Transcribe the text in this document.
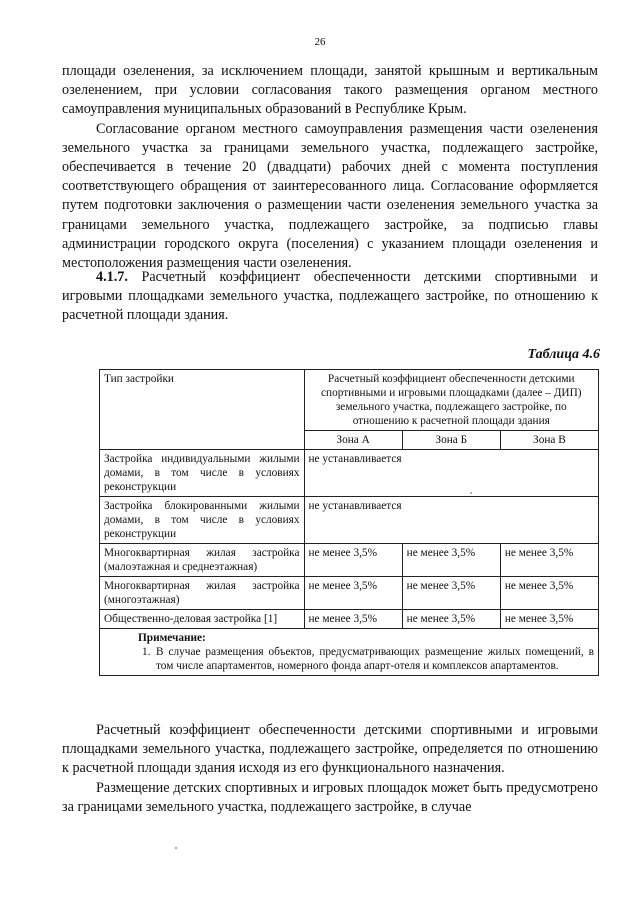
26

площади озеленения, за исключением площади, занятой крышным и вертикальным озеленением, при условии согласования такого размещения органом местного самоуправления муниципальных образований в Республике Крым.

Согласование органом местного самоуправления размещения части озеленения земельного участка за границами земельного участка, подлежащего застройке, обеспечивается в течение 20 (двадцати) рабочих дней с момента поступления соответствующего обращения от заинтересованного лица. Согласование оформляется путем подготовки заключения о размещении части озеленения земельного участка за границами земельного участка, подлежащего застройке, за подписью главы администрации городского округа (поселения) с указанием площади озеленения и местоположения размещения части озеленения.

4.1.7. Расчетный коэффициент обеспеченности детскими спортивными и игровыми площадками земельного участка, подлежащего застройке, по отношению к расчетной площади здания.

Таблица 4.6
Тип застройки	Расчетный коэффициент обеспеченности детскими спортивными и игровыми площадками (далее – ДИП) земельного участка, подлежащего застройке, по отношению к расчетной площади здания		
	Зона А	Зона Б	Зона В
Застройка индивидуальными жилыми домами, в том числе в условиях реконструкции	не устанавливается		
Застройка блокированными жилыми домами, в том числе в условиях реконструкции	не устанавливается		
Многоквартирная жилая застройка (малоэтажная и среднеэтажная)	не менее 3,5%	не менее 3,5%	не менее 3,5%
Многоквартирная жилая застройка (многоэтажная)	не менее 3,5%	не менее 3,5%	не менее 3,5%
Общественно-деловая застройка [1]	не менее 3,5%	не менее 3,5%	не менее 3,5%

Примечание:
1. В случае размещения объектов, предусматривающих размещение жилых помещений, в том числе апартаментов, номерного фонда апарт-отеля и комплексов апартаментов.			

Расчетный коэффициент обеспеченности детскими спортивными и игровыми площадками земельного участка, подлежащего застройке, определяется по отношению к расчетной площади здания исходя из его функционального назначения.

Размещение детских спортивных и игровых площадок может быть предусмотрено за границами земельного участка, подлежащего застройке, в случае
